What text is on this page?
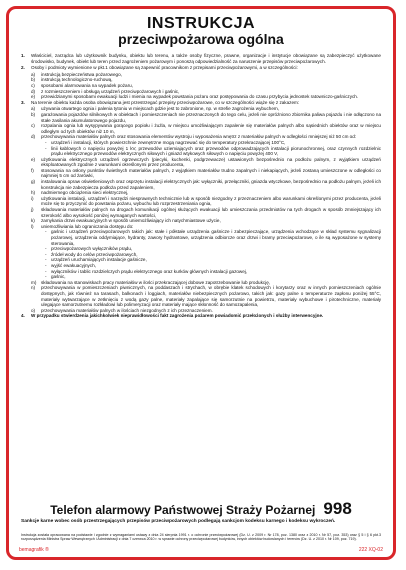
INSTRUKCJA
przeciwpożarowa ogólna
1.	Właściciel, zarządca lub użytkownik budynku, obiektu lub terenu, a także osoby fizyczne, prawne, organizacje i instytucje obowiązane są zabezpieczyć użytkowane środowisko, budynek, obiekt lub teren przed zagrożeniem pożarowym i ponoszą odpowiedzialność za naruszenie przepisów przeciwpożarowych.
2.	Osoby i podmioty wymienione w pkt.1 obowiązane są zapewnić pracownikom z przepisami przeciwpożarowymi, a w szczególności:
a)	instrukcją bezpieczeństwa pożarowego,
b)	instrukcją technologiczno-ruchową,
c)	sposobami alarmowania na wypadek pożaru,
d)	z rozmieszczeniem i obsługą urządzeń przeciwpożarowych i gaśnic,
e)	przewidzianymi sposobami ewakuacji ludzi i mienia na wypadek powstania pożaru oraz postępowania do czasu przybycia jednostek ratowniczo-gaśniczych.
3.	Na terenie obiektu każda osoba obowiązana jest przestrzegać przepisy przeciwpożarowe, co w szczególności wiąże się z zakazem:
a)	używania otwartego ognia i palenia tytoniu w miejscach gdzie jest to zabronione, np. w strefie zagrożenia wybuchem,
b)	garażowania pojazdów silnikowych w obiektach i pomieszczeniach nie przeznaczonych do tego celu, jeżeli nie opróżniono zbiornika paliwa pojazdu i nie odłączono na stałe zasilania akumulatorowego pojazdu,
c)	rozpalania ognia lub wysypywania gorącego popiołu i żużla, w miejscu umożliwiającym zapalenie się materiałów palnych albo sąsiednich obiektów oraz w miejscu odległym od tych obiektów niż 10 m,
d)	przechowywania materiałów palnych oraz stosowania elementów wystroju i wyposażenia wnętrz z materiałów palnych w odległości mniejszej niż 50 cm od:
- urządzeń i instalacji, których powierzchnie zewnętrzne mogą nagrzewać się do temperatury przekraczającej 100°C,
- linii kablowych o napięciu powyżej 1 kV, przewodów uziemiających oraz przewodów odprowadzających instalacji piorunochronnej, oraz czynnych rozdzielnic prądu elektrycznego przewodów elektrycznych siłowych i gniazd wtykowych siłowych o napięciu powyżej 400 V,
e)	użytkowania elektrycznych urządzeń ogrzewczych (piecyki, kuchenki, podgrzewacze) ustawionych bezpośrednio na podłożu palnym, z wyjątkiem urządzeń eksploatowanych zgodnie z warunkami określonymi przez producenta,
f)	stosowania na osłony punktów świetlnych materiałów palnych, z wyjątkiem materiałów trudno zapalnych i niekapiących, jeżeli zostaną umieszczone w odległości co najmniej 5 cm od żarówki,
g)	instalowania opraw oświetleniowych oraz osprzętu instalacji elektrycznych jak: wyłączniki, przełączniki, gniazda wtyczkowe, bezpośrednio na podłożu palnym, jeżeli ich konstrukcja nie zabezpiecza podłoża przed zapaleniem,
h)	nadmiernego obciążenia sieci elektrycznej,
i)	użytkowania instalacji, urządzeń i narzędzi niesprawnych technicznie lub w sposób niezgodny z przeznaczeniem albo warunkami określonymi przez producenta, jeżeli może się to przyczynić do powstania pożaru, wybuchu lub rozprzestrzeniania ognia,
j)	składowania materiałów palnych na drogach komunikacji ogólnej służących ewakuacji lub umieszczania przedmiotów na tych drogach w sposób zmniejszający ich szerokość albo wysokość poniżej wymaganych wartości,
k)	zamykania drzwi ewakuacyjnych w sposób uniemożliwiający ich natychmiastowe użycie,
l)	uniemożliwiania lub ograniczania dostępu do:
- gaśnic i urządzeń przeciwpożarowych takich jak: stałe i półstałe urządzenia gaśnicze i zabezpieczające, urządzenia wchodzące w skład systemu sygnalizacji pożarowej, urządzenia oddymiające, hydranty, zawory hydrantowe, urządzenia odbiorcze oraz drzwi i bramy przeciwpożarowe, o ile są wyposażone w systemy sterowania,
- przeciwpożarowych wyłączników prądu,
- źródeł wody do celów przeciwpożarowych,
- urządzeń uruchamiających instalacje gaśnicze,
- wyjść ewakuacyjnych,
- wyłączników i tablic rozdzielczych prądu elektrycznego oraz kurków głównych instalacji gazowej,
- gaśnic,
m)	składowania na stanowiskach pracy materiałów w ilości przekraczającej dobowe zapotrzebowanie lub produkcję,
n)	przechowywania w pomieszczeniach piwnicznych, na poddaszach i strychach, w obrębie klatek schodowych i korytarzy oraz w innych pomieszczeniach ogólnie dostępnych, jak również na tarasach, balkonach i loggiach, materiałów niebezpiecznych pożarowo, takich jak: gazy palne o temperaturze zapłonu poniżej 55°C, materiały wytwarzające w zetknięciu z wodą gazy palne, materiały zapalające się samorzutnie na powietrzu, materiały wybuchowe i pirotechniczne, materiały ulegające samorzutnemu rozkładowi lub polimeryzacji oraz materiały mające skłonność do samozapalenia,
o)	przechowywania materiałów palnych w ilościach niezgodnych z ich przeznaczeniem.
4.	W przypadku stwierdzenia jakichkolwiek nieprawidłowości fakt zagrożenia pożarem powiadomić przełożonych i służby interwencyjne.
Telefon alarmowy Państwowej Straży Pożarnej 998
Sankcje karne wobec osób przestrzegających przepisów przeciwpożarowych podlegają sankcjom kodeksu karnego i kodeksu wykroczeń.
Instrukcja została opracowana na podstawie i zgodnie z wymaganiami ustawy z dnia 24 sierpnia 1991 r. o ochronie przeciwpożarowej (Dz. U. z 2009 r. Nr 178, poz. 1380 oraz z 2010 r. Nr 57, poz. 353) oraz § 5 i § 6 pkt.3 rozporządzenia Ministra Spraw Wewnętrznych i Administracji z dnia 7 czerwca 2010 r. w sprawie ochrony przeciwpożarowej budynków, innych obiektów budowlanych i terenów (Dz. U. z 2010 r. Nr 109, poz. 719).
bemagrafik ®	222 XQ-02
